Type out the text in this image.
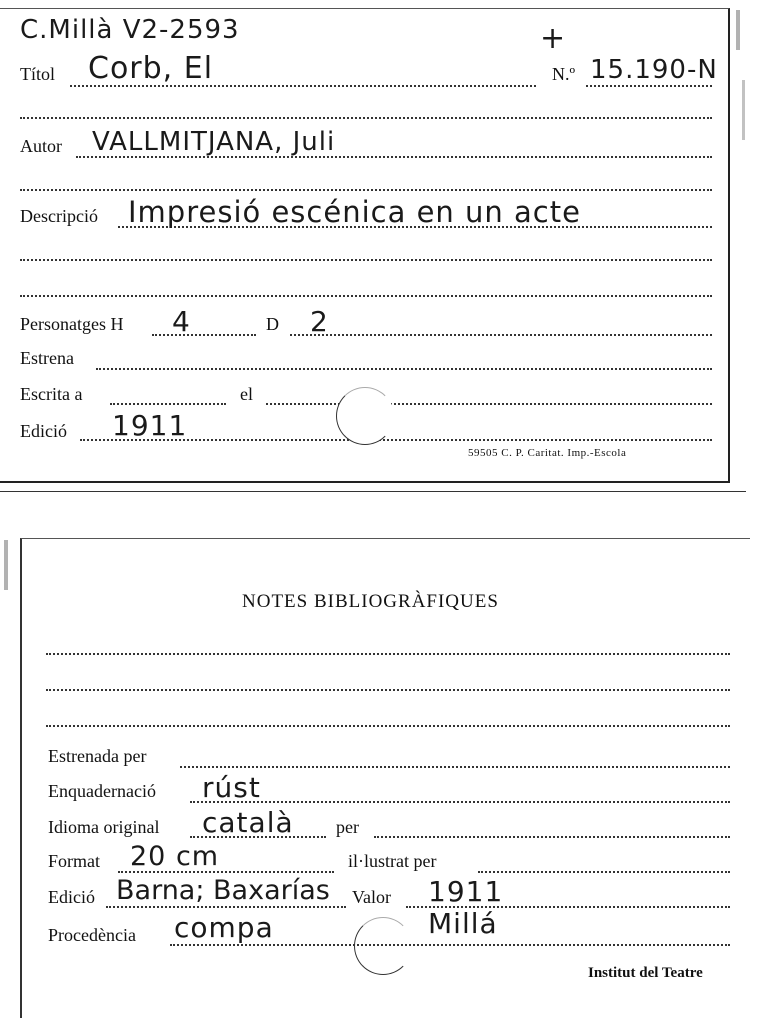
C.Millà V2-2593	+
Títol Corb, El	N.º 15.190-N
Autor VALLMITJANA, Juli
Descripció Impresió escénica en un acte
Personatges H 4	D 2
Estrena
Escrita a	el
Edició 1911
59505 C. P. Caritat. Imp.-Escola
NOTES BIBLIOGRÀFIQUES
Estrenada per
Enquadernació rúst
Idioma original català per
Format 20 cm	il·lustrat per
Edició Barna; Baxarías Valor 1911
Procedència compa	Millá
Institut del Teatre
